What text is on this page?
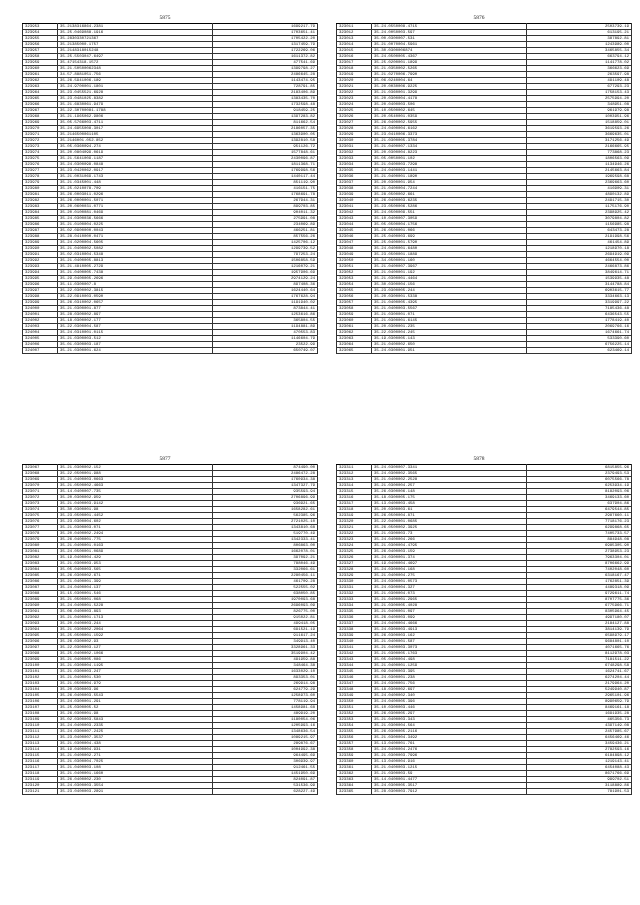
5875
323953	35.2138316864.2381	1699217.79
323954	35.25.0469088.1916	1703651.41
323955	35.2830330721367	1705422.20
323956	35.21385000.1757	1317459.79
323957	35.2148318015248	1722269.06
323958	35.25.5503047.6497	1611372.82
323959	35.47154318.1572	477541.69
323960	35.21.50500062348	1399798.27
323961	34.57.8881051.756	2486645.28
323962	35.26.5941006.189	1143474.95
323963	35.24.9700001.1801	728791.85
323964	35.23.0455521.6928	2183406.89
323965	35.23.0481025.8382	1383435.70
323966	35.21.6830061.9479	1732598.48
323967	35.22.30700081.1788	918459.25
323968	35.21.1965062.9806	1397283.82
323969	35.05.5766003.4711	811662.54
323970	35.24.6955008.3017	2186057.35
323971	35.2146500061105	1363900.05
323972	35.2146001.052.852	1392810.58
323973	35.05.0360094.274	951126.72
323974	35.20.0804099.0619	1577848.61
323975	35.21.5641009.1187	2430096.87
323976	35.24.0300098.0848	1811368.71
323977	35.23.0420062.0917	1769998.56
323978	35.21.0031069.1743	1440117.44
323979	35.21.0345001.448	851119.90
323980	35.25.0210078.709	416151.75
323981	35.26.0003011.0296	1768691.78
323982	35.26.0000001.5071	267944.31
323983	35.20.0600031.0771	899703.85
323984	35.20.0100081.0469	904011.32
323985	35.24.0300036.5666	275991.08
323986	35.21.0100004.0225	234069.89
323987	35.02.0900000.0043	466251.81
323988	35.28.0410000.0471	857556.26
323989	35.24.0200004.5605	1425706.12
323990	35.21.0400002.5082	1299739.52
323991	35.02.0310004.5348	797253.24
323992	35.21.0400005.8813	1506858.59
323993	35.21.4810005.2729	1216079.21
323994	35.21.0400005.7438	1957906.69
323995	35.29.0400005.2696	2974129.24
323996	35.11.0300007.8	897408.36
323997	35.22.0300002.3815	1624440.64
323998	35.22.0910003.0590	1767628.94
323999	35.26.0310002.0657	1191940.02
324000	35.21.0300001.877	873844.41
324001	35.28.0300002.897	1253616.86
324002	35.18.0300002.177	365804.55
324003	35.22.0300004.587	1194881.89
324004	35.24.0310001.0115	470553.83
324005	35.21.0300003.512	1146604.79
324006	35.01.0300003.187	23522.99
324007	35.21.0300001.624	650749.07
5876
323011	35.24.0550008.4715	2503739.19
323012	35.24.0050003.597	613195.21
323013	35.00.0300007.531	387892.81
323014	35.21.0070004.5961	1243989.00
323015	35.30.0300006874	3465855.34
323016	35.24.0500005.4367	663794.12
323017	35.25.0200001.1899	1141778.02
323018	35.21.0350002.5265	366623.69
323019	35.21.0270006.7990	263597.98
323020	35.06.0240004.64	491109.48
323021	35.20.0030006.9225	677293.23
323022	35.21.0360001.3299	1758153.43
323023	35.20.0300004.4178	2575994.20
323024	35.20.0400003.506	348951.08
323025	35.10.0500002.645	961979.98
323026	35.20.0540001.0359	1003951.96
323027	35.26.0400002.5955	1518859.01
323028	35.24.0400004.6162	3619593.26
323029	35.23.0410006.3373	3669635.01
323030	35.21.0300005.3784	3171256.49
323031	35.21.0400007.1334	2166665.95
323032	35.20.0300004.8223	773868.23
323033	35.05.0050001.102	1806563.09
323034	35.21.0400003.7298	1134946.26
323035	35.24.0400003.1441	2145663.84
323036	35.21.0400001.1890	1969598.68
323037	35.20.0300001.954	2369663.60
323038	35.21.0400004.7244	416909.31
323039	35.28.0500002.661	4890132.89
323040	35.26.0400003.6235	2491715.30
323041	35.23.0500006.5286	1175176.90
323042	35.24.0500009.551	2398925.42
323043	35.10.0400007.3059	3079804.82
323044	35.05.0500004.1756	1156985.98
323045	35.26.0500001.066	643473.28
323046	35.25.0400003.699	2191998.56
323047	35.25.0400001.5790	461454.89
323048	35.24.0400001.6480	1218970.18
323049	35.23.0500001.1889	2694919.09
323050	35.34.0500001.160	4664554.00
323051	35.21.0400007.3967	2466873.86
323052	35.21.0400001.192	3849614.71
323053	35.21.0300001.4464	1539935.48
323054	35.30.0300004.156	3144788.84
323055	35.23.0300005.244	6903615.77
323056	35.20.0300001.5338	3334663.13
323057	35.21.0400005.4395	3319997.22
323058	35.21.0400003.5567	7185436.48
323059	35.21.0300001.071	6436543.55
323060	35.21.0300001.6145	1778419.40
323061	35.20.0300001.235	2069766.16
323062	35.22.0300004.245	1674661.74
323063	35.19.0300005.143	533390.60
323064	35.21.0400002.650	6756225.14
323065	35.24.0300001.951	623469.14
5877
323067	35.21.0300002.152	874490.00
323068	35.22.0500001.988	2486472.28
323069	35.21.0400003.0663	1760934.38
323070	35.21.0500002.4663	1347327.79
323071	35.14.0400007.735	935593.94
323072	35.20.0300002.959	2706896.99
323073	35.21.0400003.9142	936921.65
323074	35.30.0300001.98	1658282.61
323075	35.23.0500001.4452	562385.96
323076	35.23.0300004.602	2721025.10
323077	35.21.0300003.071	1343810.68
323078	35.20.0400002.2494	519770.49
323079	35.26.0400001.775	1342333.41
323080	35.21.0400001.0163	806863.00
323081	35.24.0500001.0689	1662078.01
323082	35.19.0400004.429	397092.21
323083	35.21.0300003.953	788046.49
323084	35.05.0400003.565	332066.61
323085	35.26.0300002.671	2280456.11
323086	35.21.0400001.399	461709.28
323087	35.24.0400004.137	522555.02
323088	35.15.0300001.546	638050.85
323089	35.21.0500001.068	1970093.68
323090	35.24.0400001.5228	2696093.09
323091	35.06.0400003.893	826775.00
323092	35.21.0400001.1713	915022.81
323093	35.20.0400003.244	499418.05
323094	35.21.0300002.2064	691521.19
323095	35.25.0500001.1592	911617.24
323096	35.26.0300002.93	349913.40
323097	35.22.0300003.127	3328961.33
323098	35.25.0400002.1066	3519904.42
323099	35.21.0400005.086	491959.88
323100	35.21.0300004.1195	348464.38
323101	35.21.0300003.247	1633029.10
323102	35.21.0400001.530	893353.01
323103	35.21.0500004.979	269914.98
323104	35.20.0300003.96	624779.29
323105	35.26.0400003.5543	1258973.60
323106	35.24.0300001.291	778119.94
323107	35.25.0300005.52	1458981.68
323108	35.26.0300001.98	489919.20
323109	35.02.0300003.5843	1180054.06
323110	35.24.0400003.2335	1205993.16
323111	35.24.0300007.2425	1348636.54
323112	35.23.0400007.3537	1089215.97
323113	35.21.0300004.438	289876.67
323114	35.19.0400004.931	1004992.38
323115	35.21.0400002.271	964495.69
323116	35.21.0300004.7025	306939.97
323117	35.21.0400003.108	912461.55
323118	35.21.0400001.1660	1451950.69
323119	35.26.0400002.230	824091.87
323120	35.24.0300003.3554	531536.99
323121	35.23.0400003.2891	628227.49
5878
323311	35.24.0300007.3341	6815855.96
323312	35.24.0300002.3565	2379493.53
323313	35.21.0400002.2528	6075566.78
323314	35.21.0300004.257	6253934.19
323315	35.26.0300006.148	8182093.06
323316	35.18.0300005.175	3469133.60
323317	35.13.0400003.458	637904.86
323318	35.20.0300003.61	6479544.85
323319	35.26.0500004.871	2987660.11
323320	35.22.0400001.0685	7718176.23
323321	35.26.0500002.3925	6299868.65
323322	35.21.0300003.73	7405733.57
323323	35.24.0400004.266	884948.08
323324	35.21.0300004.4795	6985305.90
323325	35.26.0400003.159	2738953.23
323326	35.24.0300001.374	7963304.01
323327	35.19.0400004.4697	8706662.99
323328	35.24.0300004.168	7402048.60
323329	35.21.0400004.275	6318167.47
323330	35.24.0300001.0573	1762851.39
323331	35.24.0300004.327	4489318.09
323332	35.21.0300004.073	9729611.74
323333	35.21.0400001.2965	8707775.36
323334	35.21.0300005.4028	6775966.71
323335	35.21.0400001.097	8305964.45
323336	35.26.0400003.099	4997180.07
323337	35.24.0400004.4666	2184127.88
323338	35.24.0300003.4913	3814139.79
323339	35.26.0300003.162	6598979.17
323340	35.21.0400001.587	9684801.10
323341	35.21.0400003.3073	4071665.76
323342	35.21.0300005.1763	8112978.03
323343	35.05.0400004.498	7181511.22
323344	35.21.0400001.1259	6748298.58
323345	35.09.0400003.395	1624741.67
323346	35.24.0300001.238	6274204.44
323347	35.24.0300001.756	2179964.20
323348	35.18.0300002.697	5249940.87
323349	35.24.0400002.340	2965101.96
323350	35.24.0400005.396	8990659.79
323351	35.10.0300003.446	8469161.18
323352	35.26.0300005.297	1691935.28
323353	35.21.0400003.343	465356.73
323354	35.21.0300004.564	4397149.08
323355	35.26.0300005.2116	2457985.67
323356	35.21.0300004.3492	6456469.46
323357	35.13.0400001.761	3459436.21
323358	35.24.0400004.2476	2782593.16
323359	35.21.0300003.7996	6184898.12
323360	35.13.0400004.916	1219143.41
323361	35.21.0400003.1215	6454088.43
323362	35.21.0300003.59	8671766.69
323363	35.14.0400001.4477	999702.51
323364	35.24.0300005.3517	3118889.86
323365	35.28.0300003.7912	781901.53
